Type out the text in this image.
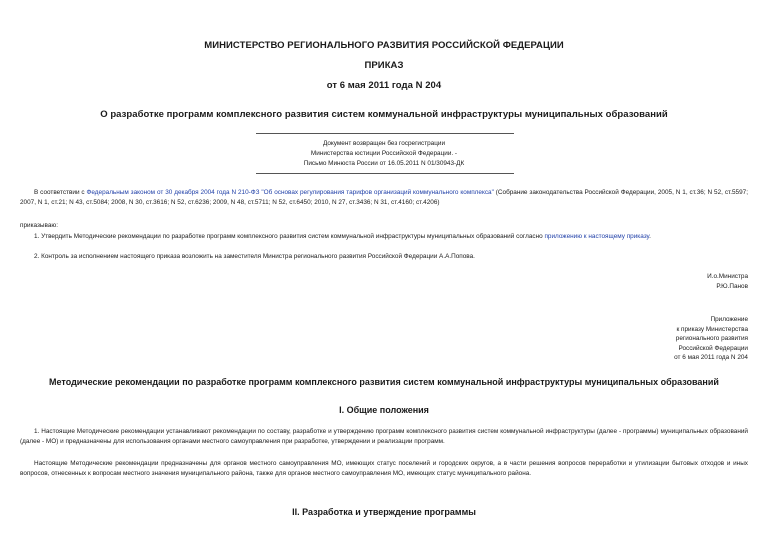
МИНИСТЕРСТВО РЕГИОНАЛЬНОГО РАЗВИТИЯ РОССИЙСКОЙ ФЕДЕРАЦИИ
ПРИКАЗ
от 6 мая 2011 года N 204
О разработке программ комплексного развития систем коммунальной инфраструктуры муниципальных образований
Документ возвращен без госрегистрации
Министерства юстиции Российской Федерации. -
Письмо Минюста России от 16.05.2011 N 01/30943-ДК
В соответствии с Федеральным законом от 30 декабря 2004 года N 210-ФЗ "Об основах регулирования тарифов организаций коммунального комплекса" (Собрание законодательства Российской Федерации, 2005, N 1, ст.36; N 52, ст.5597; 2007, N 1, ст.21; N 43, ст.5084; 2008, N 30, ст.3616; N 52, ст.6236; 2009, N 48, ст.5711; N 52, ст.6450; 2010, N 27, ст.3436; N 31, ст.4160; ст.4206)
приказываю:
1. Утвердить Методические рекомендации по разработке программ комплексного развития систем коммунальной инфраструктуры муниципальных образований согласно приложению к настоящему приказу.
2. Контроль за исполнением настоящего приказа возложить на заместителя Министра регионального развития Российской Федерации А.А.Попова.
И.о.Министра
Р.Ю.Панов
Приложение
к приказу Министерства
регионального развития
Российской Федерации
от 6 мая 2011 года N 204
Методические рекомендации по разработке программ комплексного развития систем коммунальной инфраструктуры муниципальных образований
I. Общие положения
1. Настоящие Методические рекомендации устанавливают рекомендации по составу, разработке и утверждению программ комплексного развития систем коммунальной инфраструктуры (далее - программы) муниципальных образований (далее - МО) и предназначены для использования органами местного самоуправления при разработке, утверждении и реализации программ.
Настоящие Методические рекомендации предназначены для органов местного самоуправления МО, имеющих статус поселений и городских округов, а в части решения вопросов переработки и утилизации бытовых отходов и иных вопросов, отнесенных к вопросам местного значения муниципального района, также для органов местного самоуправления МО, имеющих статус муниципального района.
II. Разработка и утверждение программы
